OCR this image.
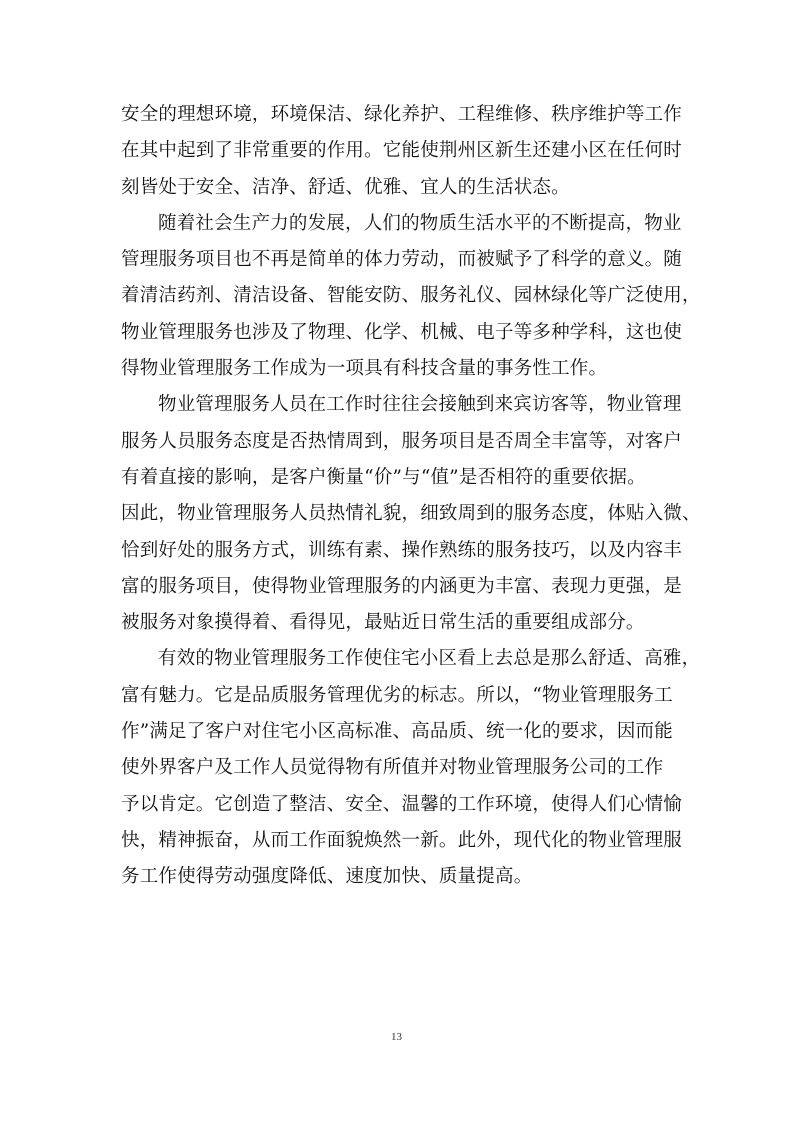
安全的理想环境，环境保洁、绿化养护、工程维修、秩序维护等工作
在其中起到了非常重要的作用。它能使荆州区新生还建小区在任何时
刻皆处于安全、洁净、舒适、优雅、宜人的生活状态。

随着社会生产力的发展，人们的物质生活水平的不断提高，物业
管理服务项目也不再是简单的体力劳动，而被赋予了科学的意义。随
着清洁药剂、清洁设备、智能安防、服务礼仪、园林绿化等广泛使用，
物业管理服务也涉及了物理、化学、机械、电子等多种学科，这也使
得物业管理服务工作成为一项具有科技含量的事务性工作。

物业管理服务人员在工作时往往会接触到来宾访客等，物业管理
服务人员服务态度是否热情周到，服务项目是否周全丰富等，对客户
有着直接的影响，是客户衡量“价”与“值”是否相符的重要依据。
因此，物业管理服务人员热情礼貌，细致周到的服务态度，体贴入微、
恰到好处的服务方式，训练有素、操作熟练的服务技巧，以及内容丰
富的服务项目，使得物业管理服务的内涵更为丰富、表现力更强，是
被服务对象摸得着、看得见，最贴近日常生活的重要组成部分。

有效的物业管理服务工作使住宅小区看上去总是那么舒适、高雅，
富有魅力。它是品质服务管理优劣的标志。所以，“物业管理服务工
作”满足了客户对住宅小区高标准、高品质、统一化的要求，因而能
使外界客户及工作人员觉得物有所值并对物业管理服务公司的工作
予以肯定。它创造了整洁、安全、温馨的工作环境，使得人们心情愉
快，精神振奋，从而工作面貌焕然一新。此外，现代化的物业管理服
务工作使得劳动强度降低、速度加快、质量提高。

13
